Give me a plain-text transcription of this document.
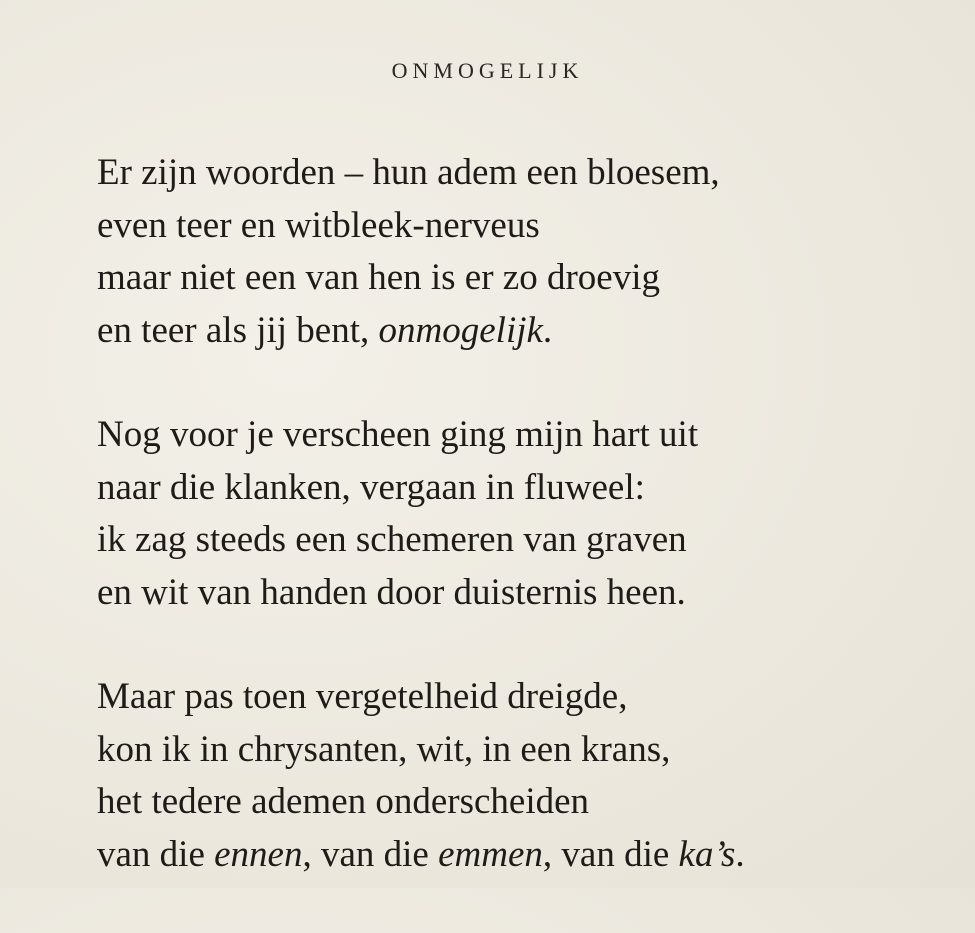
ONMOGELIJK
Er zijn woorden – hun adem een bloesem,
even teer en witbleek-nerveus
maar niet een van hen is er zo droevig
en teer als jij bent, onmogelijk.
Nog voor je verscheen ging mijn hart uit
naar die klanken, vergaan in fluweel:
ik zag steeds een schemeren van graven
en wit van handen door duisternis heen.
Maar pas toen vergetelheid dreigde,
kon ik in chrysanten, wit, in een krans,
het tedere ademen onderscheiden
van die ennen, van die emmen, van die ka’s.
